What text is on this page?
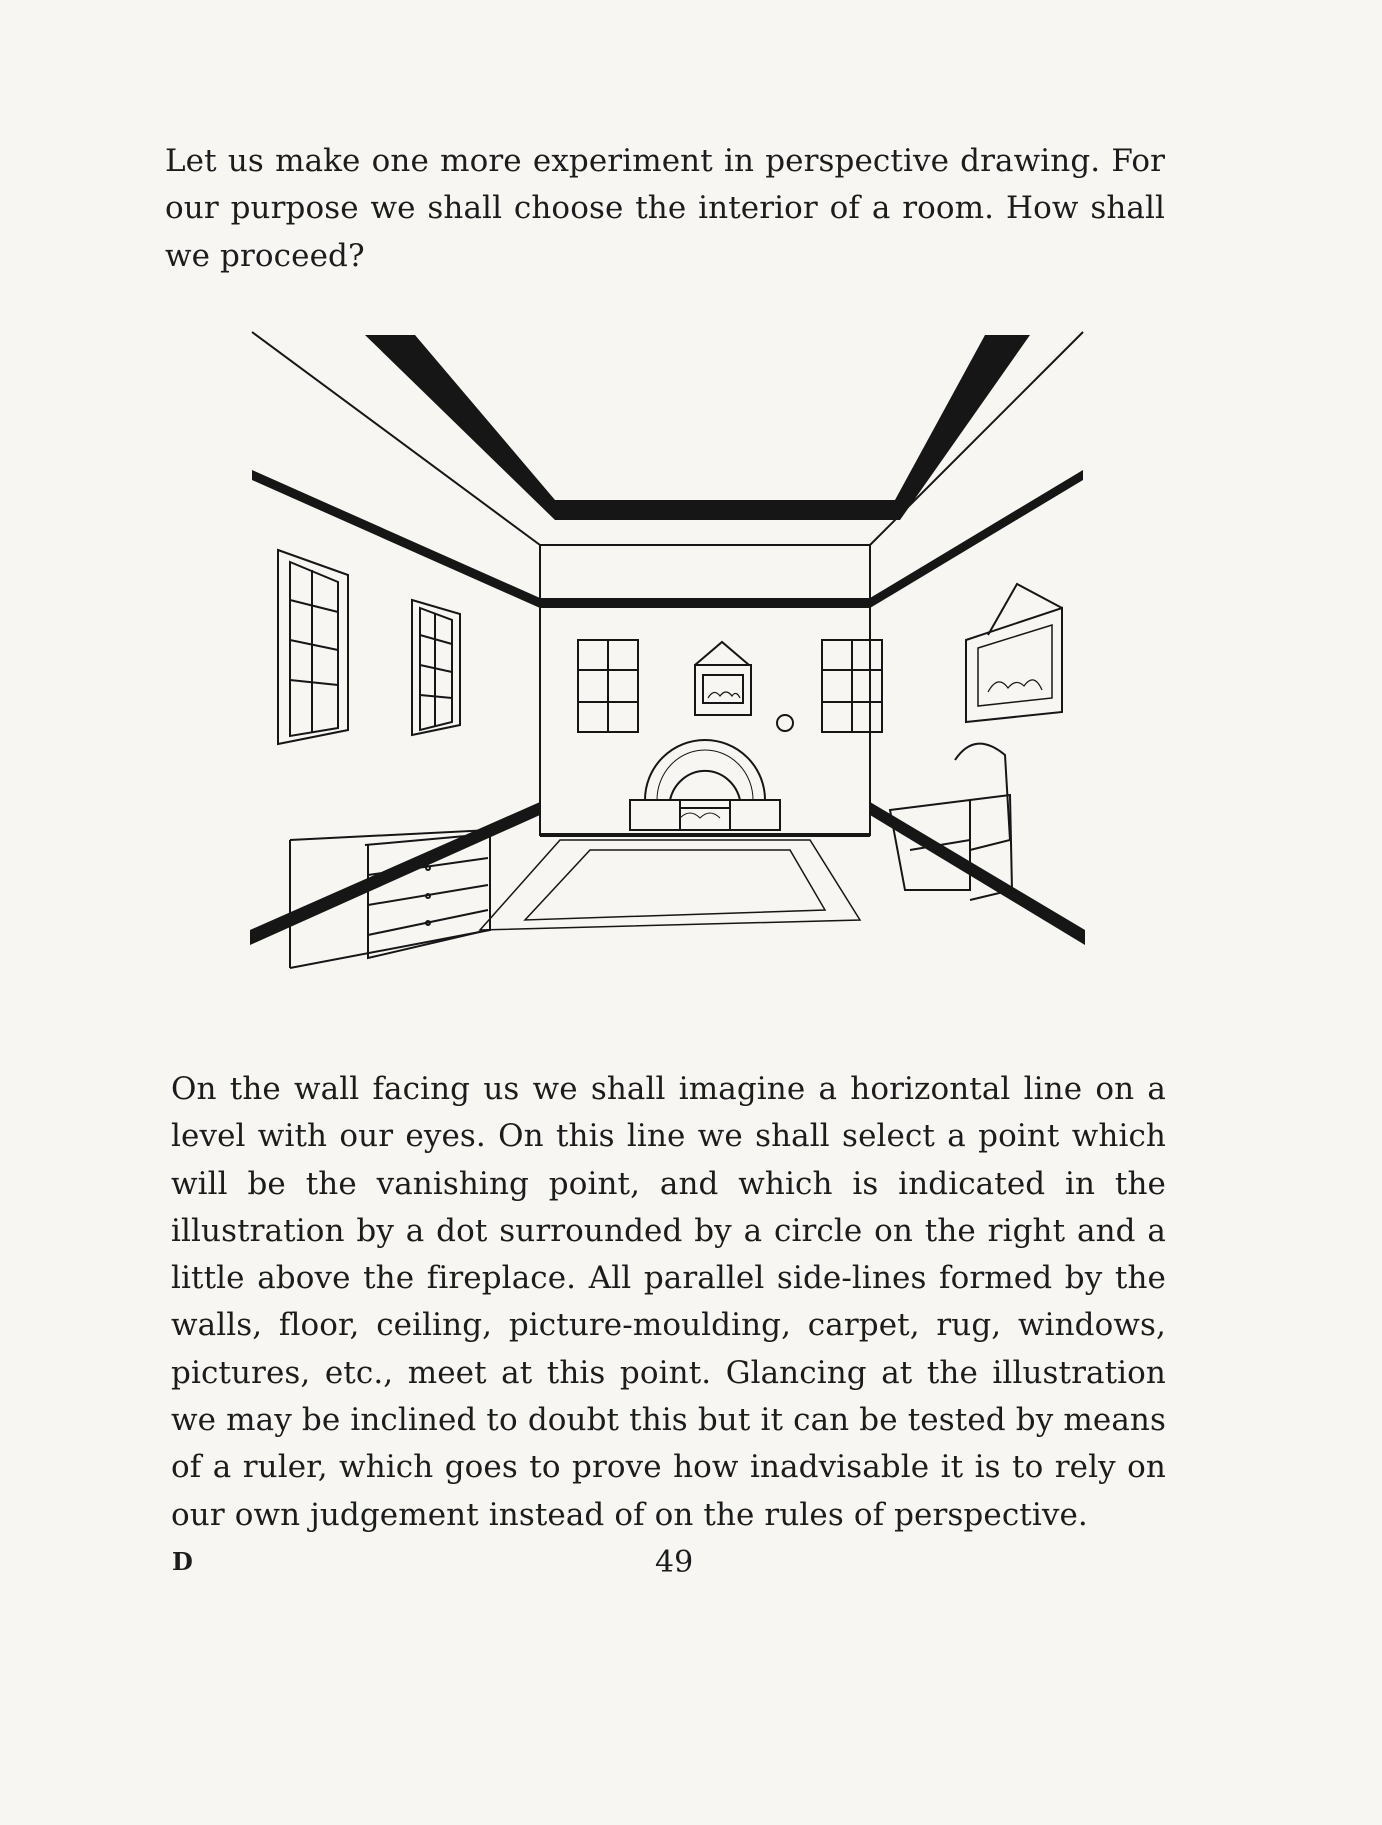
Let us make one more experiment in perspective drawing. For our purpose we shall choose the interior of a room. How shall we proceed?

On the wall facing us we shall imagine a horizontal line on a level with our eyes. On this line we shall select a point which will be the vanishing point, and which is indicated in the illustration by a dot surrounded by a circle on the right and a little above the fireplace. All parallel side-lines formed by the walls, floor, ceiling, picture-moulding, carpet, rug, windows, pictures, etc., meet at this point. Glancing at the illustration we may be inclined to doubt this but it can be tested by means of a ruler, which goes to prove how inadvisable it is to rely on our own judgement instead of on the rules of perspective.

D	49
